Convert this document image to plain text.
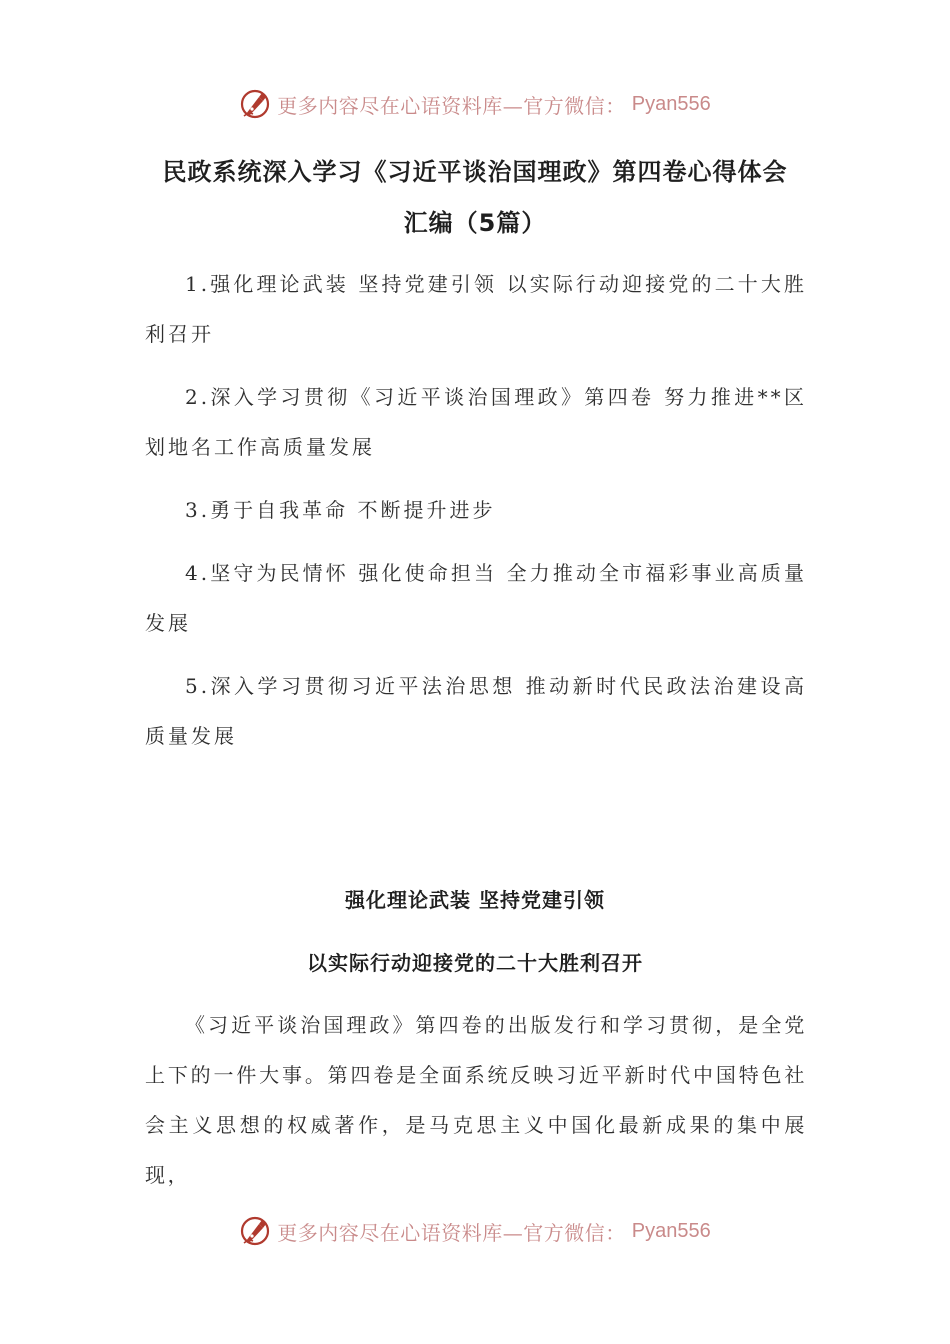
更多内容尽在心语资料库—官方微信： Pyan556
民政系统深入学习《习近平谈治国理政》第四卷心得体会
汇编（5篇）
1.强化理论武装 坚持党建引领 以实际行动迎接党的二十大胜利召开
2.深入学习贯彻《习近平谈治国理政》第四卷 努力推进**区划地名工作高质量发展
3.勇于自我革命 不断提升进步
4.坚守为民情怀 强化使命担当 全力推动全市福彩事业高质量发展
5.深入学习贯彻习近平法治思想 推动新时代民政法治建设高质量发展
强化理论武装 坚持党建引领
以实际行动迎接党的二十大胜利召开
《习近平谈治国理政》第四卷的出版发行和学习贯彻，是全党上下的一件大事。第四卷是全面系统反映习近平新时代中国特色社会主义思想的权威著作，是马克思主义中国化最新成果的集中展现，
更多内容尽在心语资料库—官方微信： Pyan556
